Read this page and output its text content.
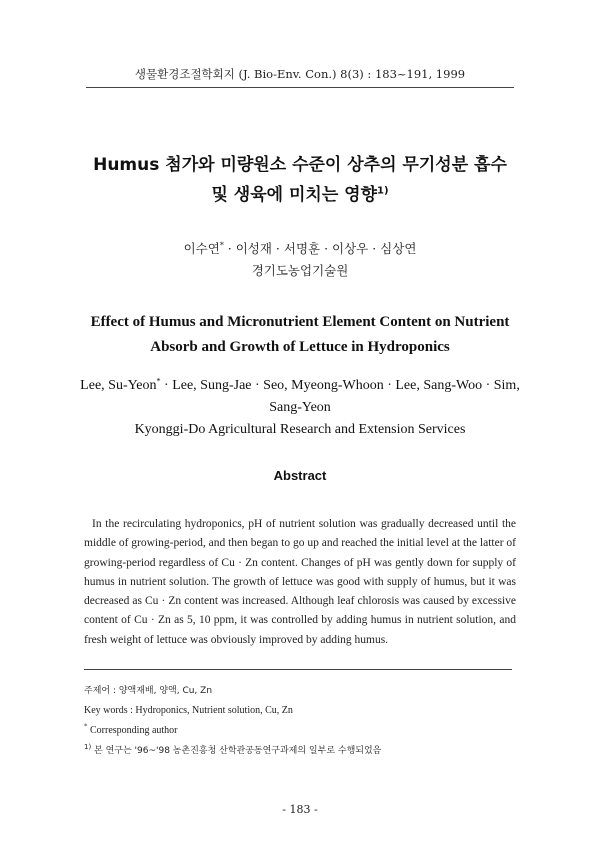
생물환경조절학회지 (J. Bio-Env. Con.) 8(3) : 183~191, 1999
Humus 첨가와 미량원소 수준이 상추의 무기성분 흡수
및 생육에 미치는 영향$^{1)}$
이수연* · 이성재 · 서명훈 · 이상우 · 심상연
경기도농업기술원
Effect of Humus and Micronutrient Element Content on Nutrient
Absorb and Growth of Lettuce in Hydroponics
Lee, Su-Yeon* · Lee, Sung-Jae · Seo, Myeong-Whoon · Lee, Sang-Woo · Sim,
Sang-Yeon
Kyonggi-Do Agricultural Research and Extension Services
Abstract
In the recirculating hydroponics, pH of nutrient solution was gradually decreased until the middle of growing-period, and then began to go up and reached the initial level at the latter of growing-period regardless of Cu · Zn content. Changes of pH was gently down for supply of humus in nutrient solution. The growth of lettuce was good with supply of humus, but it was decreased as Cu · Zn content was increased. Although leaf chlorosis was caused by excessive content of Cu · Zn as 5, 10 ppm, it was controlled by adding humus in nutrient solution, and fresh weight of lettuce was obviously improved by adding humus.
주제어 : 양액재배, 양액, Cu, Zn
Key words : Hydroponics, Nutrient solution, Cu, Zn
* Corresponding author
$^{1)}$ 본 연구는 '96~'98 농촌진흥청 산학관공동연구과제의 일부로 수행되었음
- 183 -
